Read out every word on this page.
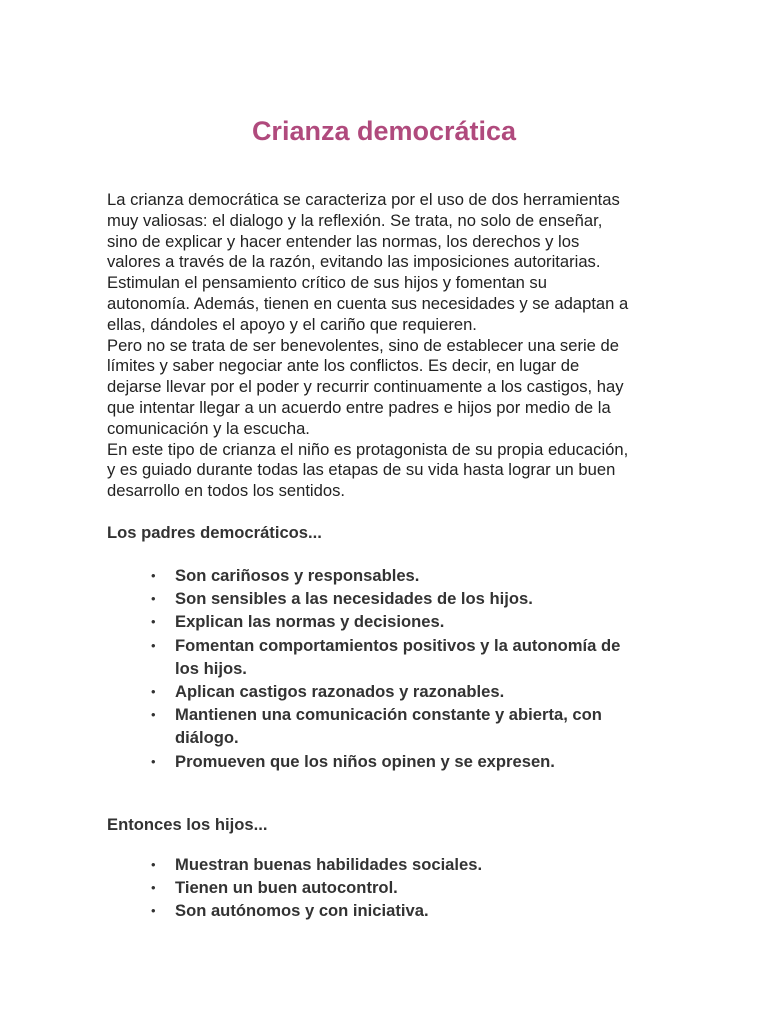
Crianza democrática

La crianza democrática se caracteriza por el uso de dos herramientas
muy valiosas: el dialogo y la reflexión. Se trata, no solo de enseñar,
sino de explicar y hacer entender las normas, los derechos y los
valores a través de la razón, evitando las imposiciones autoritarias.
Estimulan el pensamiento crítico de sus hijos y fomentan su
autonomía. Además, tienen en cuenta sus necesidades y se adaptan a
ellas, dándoles el apoyo y el cariño que requieren.

Pero no se trata de ser benevolentes, sino de establecer una serie de
límites y saber negociar ante los conflictos. Es decir, en lugar de
dejarse llevar por el poder y recurrir continuamente a los castigos, hay
que intentar llegar a un acuerdo entre padres e hijos por medio de la
comunicación y la escucha.

En este tipo de crianza el niño es protagonista de su propia educación,
y es guiado durante todas las etapas de su vida hasta lograr un buen
desarrollo en todos los sentidos.

Los padres democráticos...
• Son cariñosos y responsables.
• Son sensibles a las necesidades de los hijos.
• Explican las normas y decisiones.
• Fomentan comportamientos positivos y la autonomía de
los hijos.
• Aplican castigos razonados y razonables.
• Mantienen una comunicación constante y abierta, con
diálogo.
• Promueven que los niños opinen y se expresen.
Entonces los hijos...
• Muestran buenas habilidades sociales.
• Tienen un buen autocontrol.
• Son autónomos y con iniciativa.
